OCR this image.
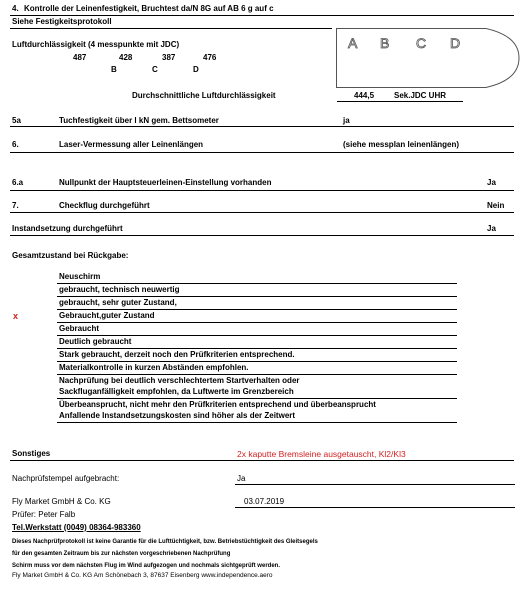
4. Kontrolle der Leinenfestigkeit, Bruchtest da/N 8G auf AB 6 g auf c
Siehe Festigkeitsprotokoll
Luftdurchlässigkeit (4 messpunkte mit JDC)
487	428	387	476
B	C	D
A B C D
Durchschnittliche Luftdurchlässigkeit	444,5 Sek.JDC UHR
5a	Tuchfestigkeit über l kN gem. Bettsometer	ja
6.	Laser-Vermessung aller Leinenlängen	(siehe messplan leinenlängen)
6.a	Nullpunkt der Hauptsteuerleinen-Einstellung vorhanden	Ja
7.	Checkflug durchgeführt	Nein
Instandsetzung durchgeführt	Ja
Gesamtzustand bei Rückgabe:
Neuschirm
gebraucht, technisch neuwertig
gebraucht, sehr guter Zustand,
x	Gebraucht,guter Zustand
Gebraucht
Deutlich gebraucht
Stark gebraucht, derzeit noch den Prüfkriterien entsprechend.
Materialkontrolle in kurzen Abständen empfohlen.
Nachprüfung bei deutlich verschlechtertem Startverhalten oder
Sackfluganfälligkeit empfohlen, da Luftwerte im Grenzbereich
Überbeansprucht, nicht mehr den Prüfkriterien entsprechend und überbeansprucht
Anfallende Instandsetzungskosten sind höher als der Zeitwert
Sonstiges	2x kaputte Bremsleine ausgetauscht, Kl2/Kl3
Nachprüfstempel aufgebracht:	Ja
Fly Market GmbH & Co. KG	03.07.2019
Prüfer: Peter Falb
Tel.Werkstatt (0049) 08364-983360
Dieses Nachprüfprotokoll ist keine Garantie für die Lufttüchtigkeit, bzw. Betriebstüchtigkeit des Gleitsegels
für den gesamten Zeitraum bis zur nächsten vorgeschriebenen Nachprüfung
Schirm muss vor dem nächsten Flug im Wind aufgezogen und nochmals sichtgeprüft werden.
Fly Market GmbH & Co. KG Am Schönebach 3, 87637 Eisenberg www.independence.aero
